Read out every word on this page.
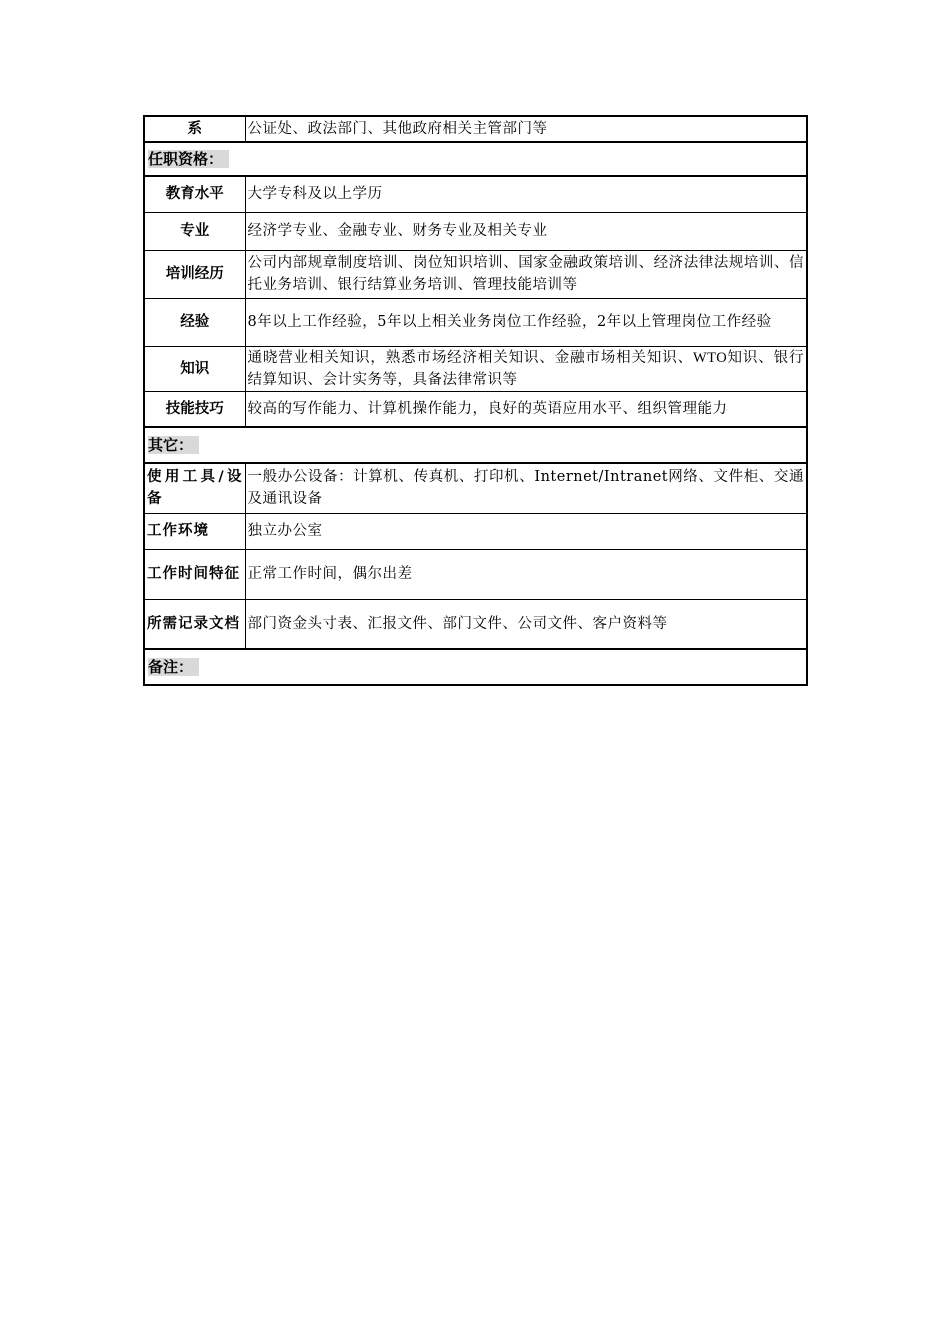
系	公证处、政法部门、其他政府相关主管部门等
任职资格：	
教育水平	大学专科及以上学历
专业	经济学专业、金融专业、财务专业及相关专业
培训经历	公司内部规章制度培训、岗位知识培训、国家金融政策培训、经济法律法规培训、信托业务培训、银行结算业务培训、管理技能培训等
经验	8年以上工作经验，5年以上相关业务岗位工作经验，2年以上管理岗位工作经验
知识	通晓营业相关知识，熟悉市场经济相关知识、金融市场相关知识、WTO知识、银行结算知识、会计实务等，具备法律常识等
技能技巧	较高的写作能力、计算机操作能力，良好的英语应用水平、组织管理能力
其它：	
使用工具/设备	一般办公设备：计算机、传真机、打印机、Internet/Intranet网络、文件柜、交通及通讯设备
工作环境	独立办公室
工作时间特征	正常工作时间，偶尔出差
所需记录文档	部门资金头寸表、汇报文件、部门文件、公司文件、客户资料等
备注：	
